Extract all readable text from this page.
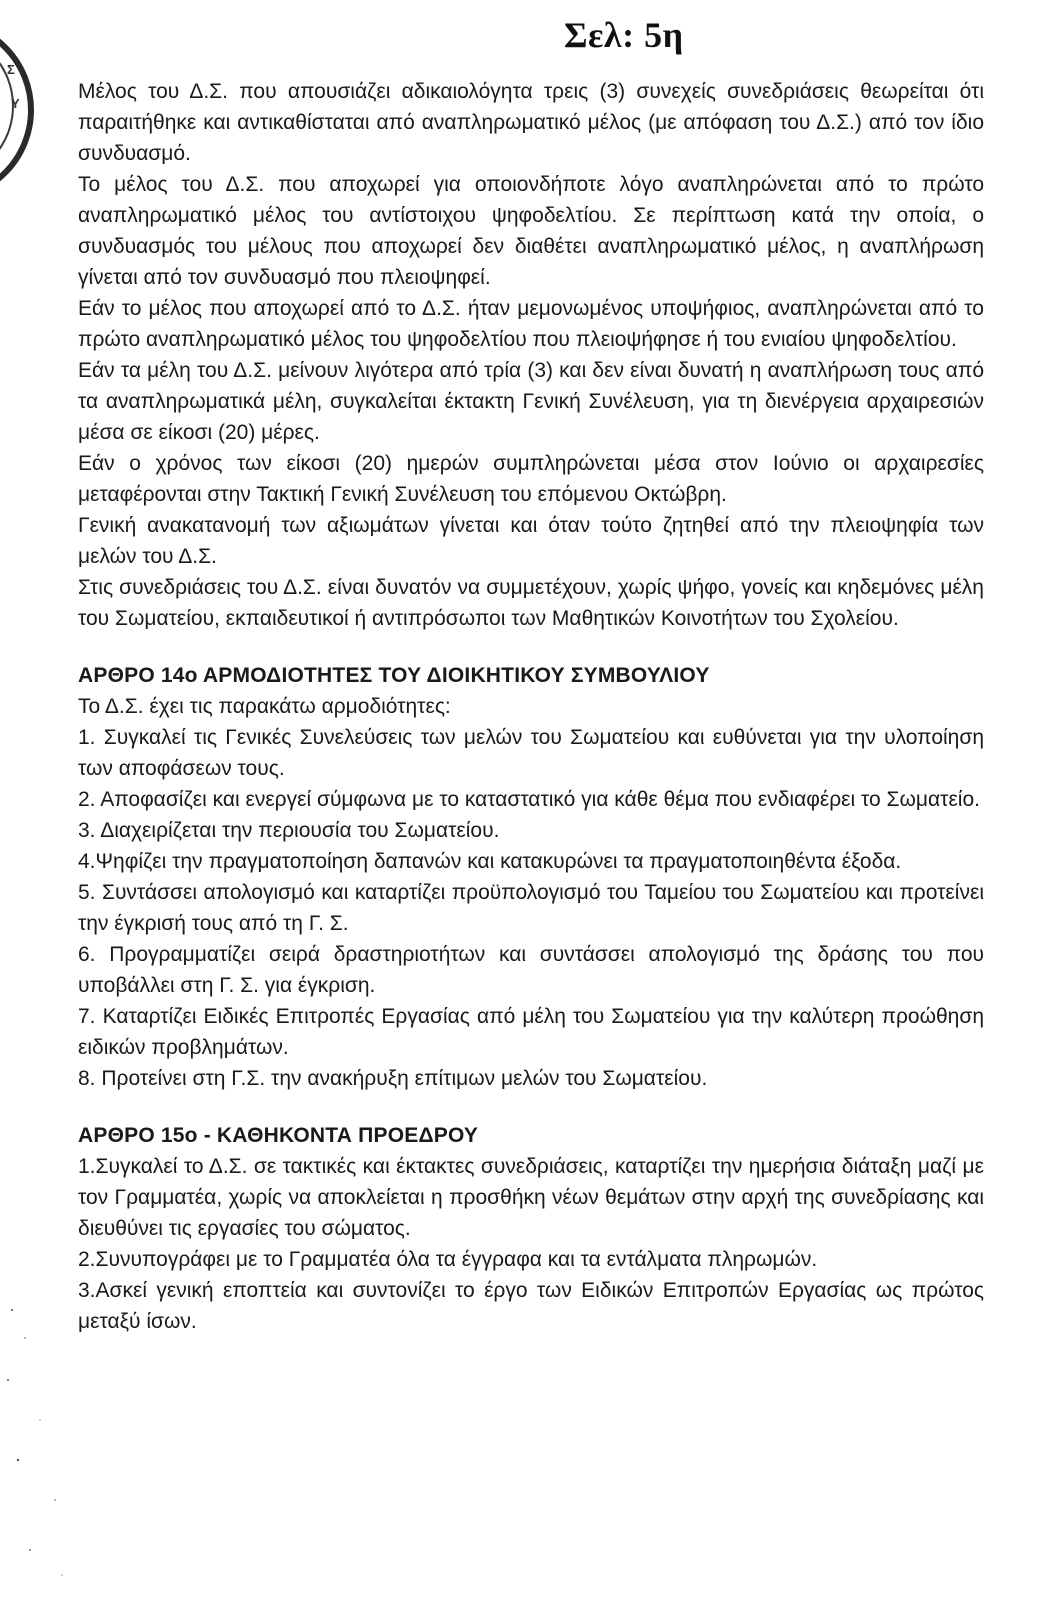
Σ
Υ
Σελ: 5η

Μέλος του Δ.Σ. που απουσιάζει αδικαιολόγητα τρεις (3) συνεχείς συνεδριάσεις θεωρείται ότι παραιτήθηκε και αντικαθίσταται από αναπληρωματικό μέλος (με απόφαση του Δ.Σ.) από τον ίδιο συνδυασμό.

Το μέλος του Δ.Σ. που αποχωρεί για οποιονδήποτε λόγο αναπληρώνεται από το πρώτο αναπληρωματικό μέλος του αντίστοιχου ψηφοδελτίου. Σε περίπτωση κατά την οποία, ο συνδυασμός του μέλους που αποχωρεί δεν διαθέτει αναπληρωματικό μέλος, η αναπλήρωση γίνεται από τον συνδυασμό που πλειοψηφεί.

Εάν το μέλος που αποχωρεί από το Δ.Σ. ήταν μεμονωμένος υποψήφιος, αναπληρώνεται από το πρώτο αναπληρωματικό μέλος του ψηφοδελτίου που πλειοψήφησε ή του ενιαίου ψηφοδελτίου.

Εάν τα μέλη του Δ.Σ. μείνουν λιγότερα από τρία (3) και δεν είναι δυνατή η αναπλήρωση τους από τα αναπληρωματικά μέλη, συγκαλείται έκτακτη Γενική Συνέλευση, για τη διενέργεια αρχαιρεσιών μέσα σε είκοσι (20) μέρες.

Εάν ο χρόνος των είκοσι (20) ημερών συμπληρώνεται μέσα στον Ιούνιο οι αρχαιρεσίες μεταφέρονται στην Τακτική Γενική Συνέλευση του επόμενου Οκτώβρη.

Γενική ανακατανομή των αξιωμάτων γίνεται και όταν τούτο ζητηθεί από την πλειοψηφία των μελών του Δ.Σ.

Στις συνεδριάσεις του Δ.Σ. είναι δυνατόν να συμμετέχουν, χωρίς ψήφο, γονείς και κηδεμόνες μέλη του Σωματείου, εκπαιδευτικοί ή αντιπρόσωποι των Μαθητικών Κοινοτήτων του Σχολείου.

ΑΡΘΡΟ 14ο ΑΡΜΟΔΙΟΤΗΤΕΣ ΤΟΥ ΔΙΟΙΚΗΤΙΚΟΥ ΣΥΜΒΟΥΛΙΟΥ

Το Δ.Σ. έχει τις παρακάτω αρμοδιότητες:

1. Συγκαλεί τις Γενικές Συνελεύσεις των μελών του Σωματείου και ευθύνεται για την υλοποίηση των αποφάσεων τους.

2. Αποφασίζει και ενεργεί σύμφωνα με το καταστατικό για κάθε θέμα που ενδιαφέρει το Σωματείο.

3. Διαχειρίζεται την περιουσία του Σωματείου.

4.Ψηφίζει την πραγματοποίηση δαπανών και κατακυρώνει τα πραγματοποιηθέντα έξοδα.

5. Συντάσσει απολογισμό και καταρτίζει προϋπολογισμό του Ταμείου του Σωματείου και προτείνει την έγκρισή τους από τη Γ. Σ.

6. Προγραμματίζει σειρά δραστηριοτήτων και συντάσσει απολογισμό της δράσης του που υποβάλλει στη Γ. Σ. για έγκριση.

7. Καταρτίζει Ειδικές Επιτροπές Εργασίας από μέλη του Σωματείου για την καλύτερη προώθηση ειδικών προβλημάτων.

8. Προτείνει στη Γ.Σ. την ανακήρυξη επίτιμων μελών του Σωματείου.

ΑΡΘΡΟ 15ο - ΚΑΘΗΚΟΝΤΑ ΠΡΟΕΔΡΟΥ

1.Συγκαλεί το Δ.Σ. σε τακτικές και έκτακτες συνεδριάσεις, καταρτίζει την ημερήσια διάταξη μαζί με τον Γραμματέα, χωρίς να αποκλείεται η προσθήκη νέων θεμάτων στην αρχή της συνεδρίασης και διευθύνει τις εργασίες του σώματος.

2.Συνυπογράφει με το Γραμματέα όλα τα έγγραφα και τα εντάλματα πληρωμών.

3.Ασκεί γενική εποπτεία και συντονίζει το έργο των Ειδικών Επιτροπών Εργασίας ως πρώτος μεταξύ ίσων.
